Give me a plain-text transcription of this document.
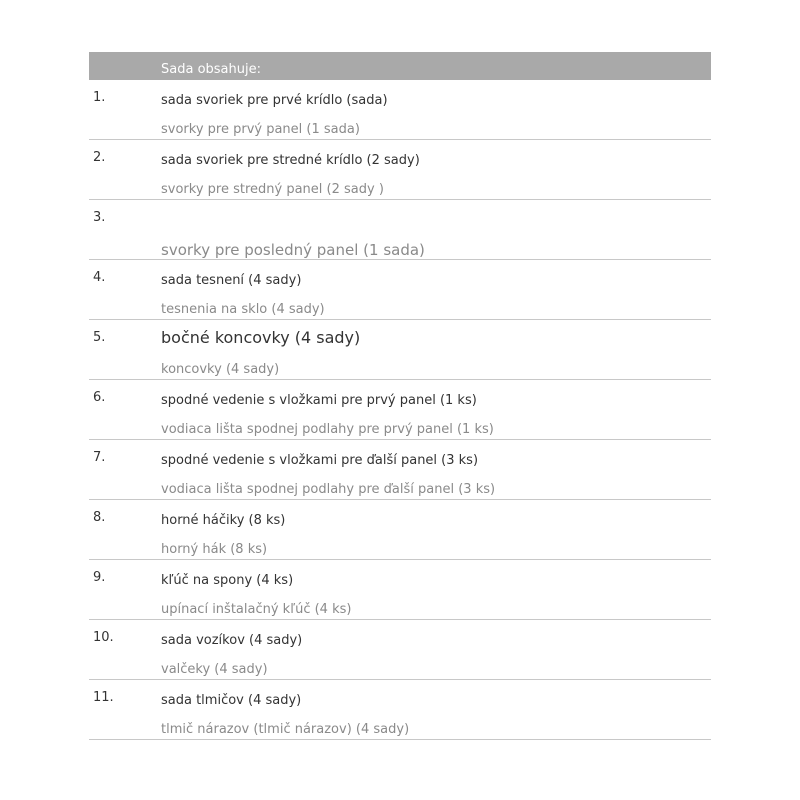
Sada obsahuje:
1.	sada svoriek pre prvé krídlo (sada)
svorky pre prvý panel (1 sada)
2.	sada svoriek pre stredné krídlo (2 sady)
svorky pre stredný panel (2 sady )
3.
svorky pre posledný panel (1 sada)
4.	sada tesnení (4 sady)
tesnenia na sklo (4 sady)
5.	bočné koncovky (4 sady)
koncovky (4 sady)
6.	spodné vedenie s vložkami pre prvý panel (1 ks)
vodiaca lišta spodnej podlahy pre prvý panel (1 ks)
7.	spodné vedenie s vložkami pre ďalší panel (3 ks)
vodiaca lišta spodnej podlahy pre ďalší panel (3 ks)
8.	horné háčiky (8 ks)
horný hák (8 ks)
9.	kľúč na spony (4 ks)
upínací inštalačný kľúč (4 ks)
10.	sada vozíkov (4 sady)
valčeky (4 sady)
11.	sada tlmičov (4 sady)
tlmič nárazov (tlmič nárazov) (4 sady)
